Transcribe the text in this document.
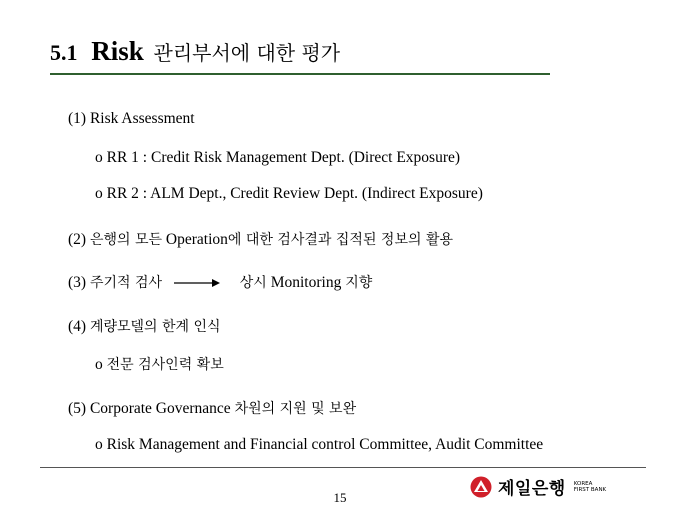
5.1 Risk 관리부서에 대한 평가
(1) Risk Assessment
o RR 1 : Credit Risk Management Dept. (Direct Exposure)
o RR 2 : ALM Dept., Credit Review Dept. (Indirect Exposure)
(2) 은행의 모든 Operation에 대한 검사결과 집적된 정보의 활용
(3) 주기적 검사	상시 Monitoring 지향
(4) 계량모델의 한계 인식
o 전문 검사인력 확보
(5) Corporate Governance 차원의 지원 및 보완
o Risk Management and Financial control Committee, Audit Committee
제일은행 KOREA
FIRST BANK
15
